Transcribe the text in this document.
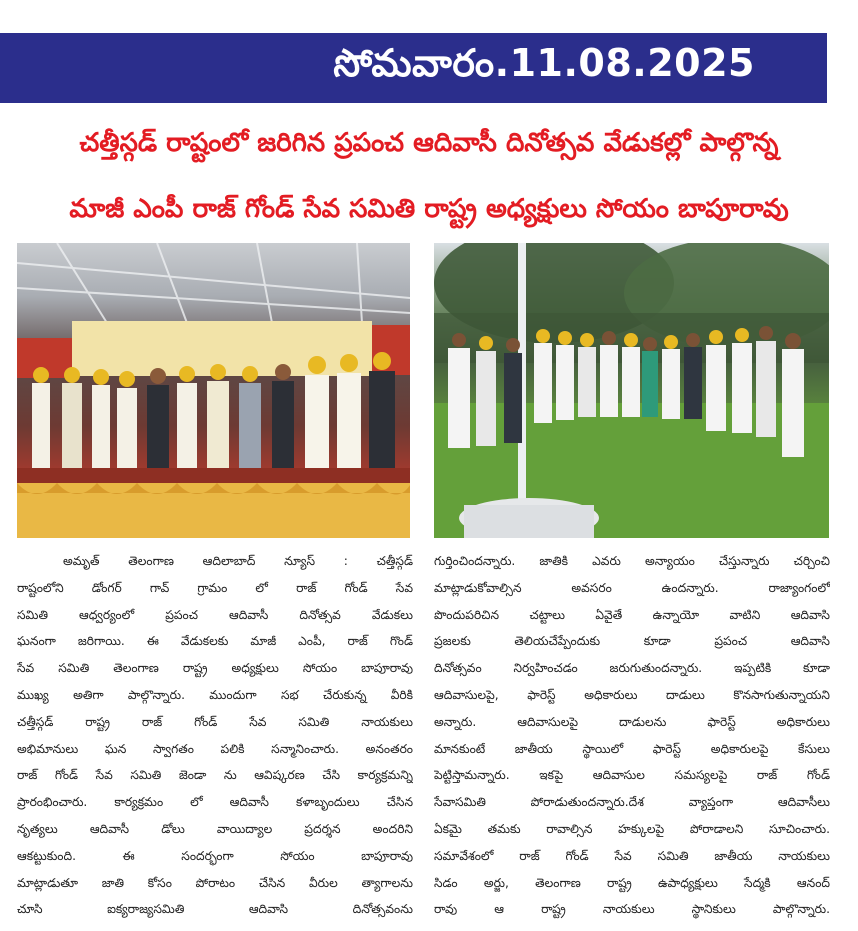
సోమవారం.11.08.2025
చత్తీస్గడ్ రాష్టంలో జరిగిన ప్రపంచ ఆదివాసీ దినోత్సవ వేడుకల్లో పాల్గొన్న
మాజీ ఎంపీ రాజ్ గోండ్ సేవ సమితి రాష్ట్ర అధ్యక్షులు సోయం బాపూరావు
అమృత్ తెలంగాణ ఆదిలాబాద్ న్యూస్ : చత్తీస్గడ్
రాష్టంలోని డోంగర్ గావ్ గ్రామం లో రాజ్ గోండ్ సేవ
సమితి ఆధ్వర్యంలో ప్రపంచ ఆదివాసీ దినోత్సవ వేడుకలు
ఘనంగా జరిగాయి. ఈ వేడుకలకు మాజీ ఎంపీ, రాజ్ గొండ్
సేవ సమితి తెలంగాణ రాష్ట్ర అధ్యక్షులు సోయం బాపూరావు
ముఖ్య అతిగా పాల్గొన్నారు. ముందుగా సభ చేరుకున్న వీరికి
చత్తీస్గడ్ రాష్ట్ర రాజ్ గోండ్ సేవ సమితి నాయకులు
అభిమానులు ఘన స్వాగతం పలికి సన్మానించారు. అనంతరం
రాజ్ గోండ్ సేవ సమితి జెండా ను ఆవిష్కరణ చేసి కార్యక్రమన్ని
ప్రారంభించారు. కార్యక్రమం లో ఆదివాసీ కళాబృందులు చేసిన
నృత్యలు ఆదివాసీ డోలు వాయిద్యాల ప్రదర్శన అందరిని
ఆకట్టుకుంది. ఈ సందర్భంగా సోయం బాపూరావు
మాట్లాడుతూ జాతి కోసం పోరాటం చేసిన వీరుల త్యాగాలను
చూసి ఐక్యరాజ్యసమితి ఆదివాసి దినోత్సవంను
గుర్తించిందన్నారు. జాతికి ఎవరు అన్యాయం చేస్తున్నారు చర్చించి
మాట్లాడుకోవాల్సిన అవసరం ఉందన్నారు. రాజ్యాంగంలో
పొందుపరిచిన చట్టాలు ఏవైతే ఉన్నాయో వాటిని ఆదివాసి
ప్రజలకు తెలియచేప్పేందుకు కూడా ప్రపంచ ఆదివాసి
దినోత్సవం నిర్వహించడం జరుగుతుందన్నారు. ఇప్పటికి కూడా
ఆదివాసులపై, ఫారెస్ట్ అధికారులు దాడులు కొనసాగుతున్నాయని
అన్నారు. ఆదివాసులపై దాడులను ఫారెస్ట్ అధికారులు
మానకుంటే జాతీయ స్థాయిలో ఫారెస్ట్ అధికారులపై కేసులు
పెట్టిస్తామన్నారు. ఇకపై ఆదివాసుల సమస్యలపై రాజ్ గోండ్
సేవాసమితి పోరాడుతుందన్నారు.దేశ వ్యాప్తంగా ఆదివాసీలు
ఏకమై తమకు రావాల్సిన హక్కులపై పోరాడాలని సూచించారు.
సమావేశంలో రాజ్ గోండ్ సేవ సమితి జాతీయ నాయకులు
సిడం అర్జు, తెలంగాణ రాష్ట్ర ఉపాధ్యక్షులు సేద్మకి ఆనంద్
రావు ఆ రాష్ట్ర నాయకులు స్థానికులు పాల్గొన్నారు.
